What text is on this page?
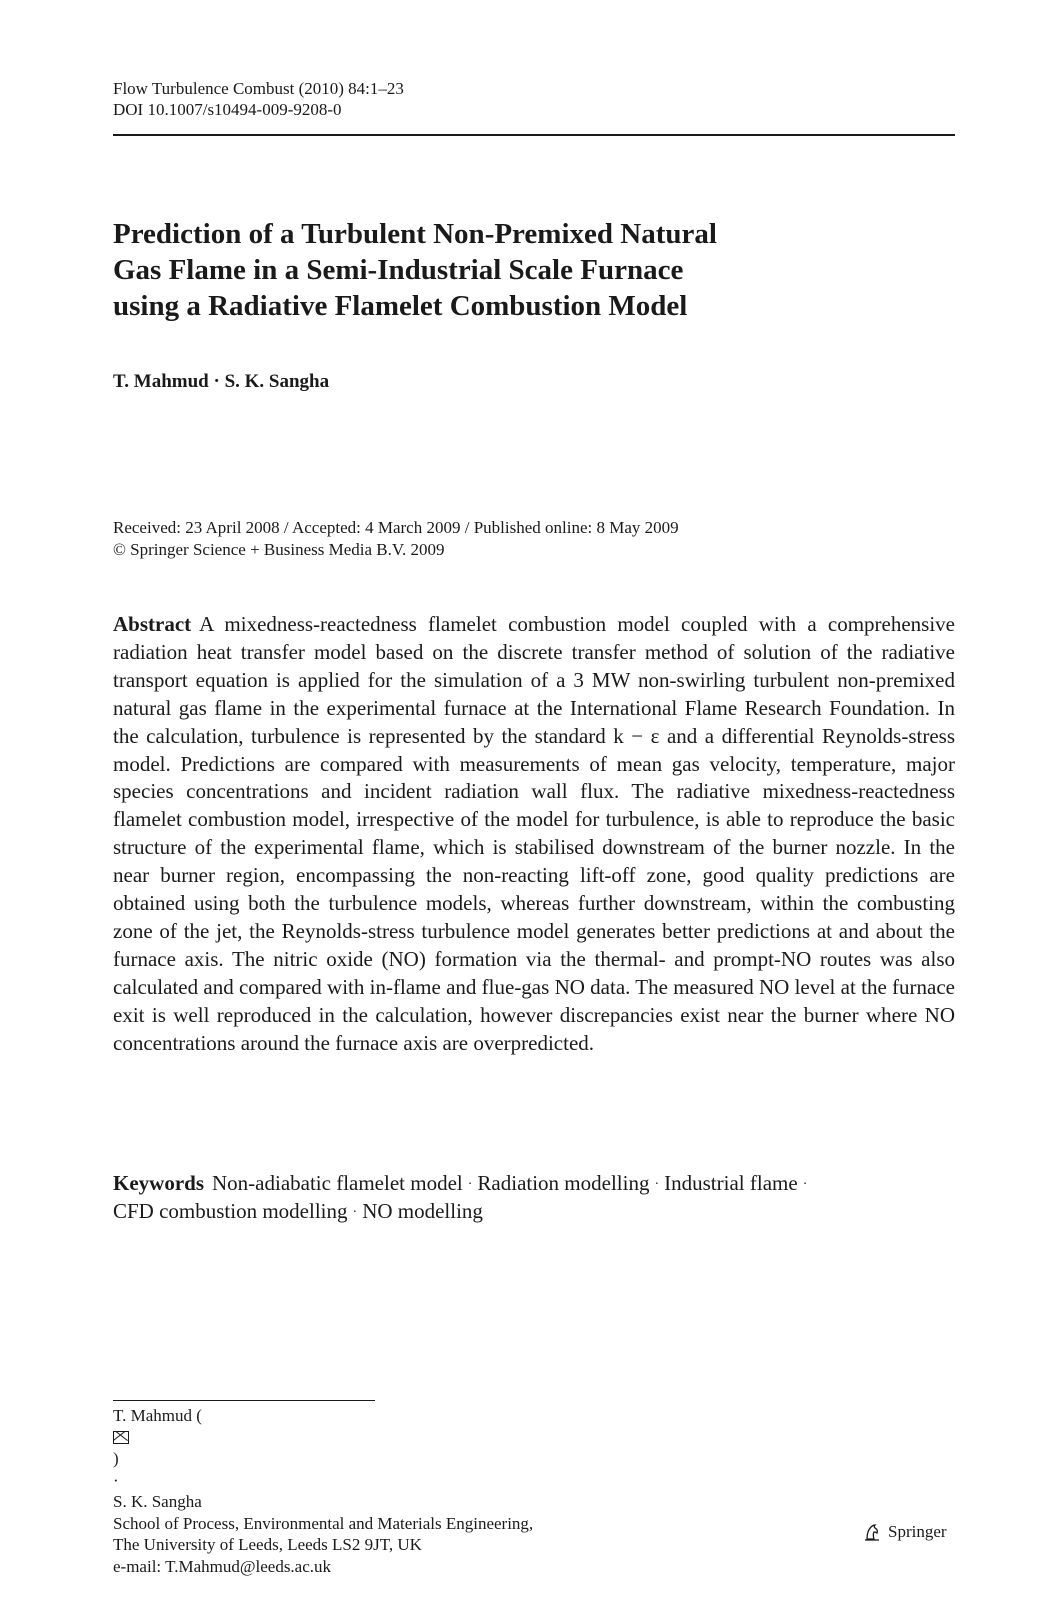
Flow Turbulence Combust (2010) 84:1–23
DOI 10.1007/s10494-009-9208-0
Prediction of a Turbulent Non-Premixed Natural
Gas Flame in a Semi-Industrial Scale Furnace
using a Radiative Flamelet Combustion Model
T. Mahmud · S. K. Sangha
Received: 23 April 2008 / Accepted: 4 March 2009 / Published online: 8 May 2009
© Springer Science + Business Media B.V. 2009

Abstract A mixedness-reactedness flamelet combustion model coupled with a comprehensive radiation heat transfer model based on the discrete transfer method of solution of the radiative transport equation is applied for the simulation of a 3 MW non-swirling turbulent non-premixed natural gas flame in the experimental furnace at the International Flame Research Foundation. In the calculation, turbulence is represented by the standard k − ε and a differential Reynolds-stress model. Predictions are compared with measurements of mean gas velocity, temperature, major species concentrations and incident radiation wall flux. The radiative mixedness-reactedness flamelet combustion model, irrespective of the model for turbulence, is able to reproduce the basic structure of the experimental flame, which is stabilised downstream of the burner nozzle. In the near burner region, encompassing the non-reacting lift-off zone, good quality predictions are obtained using both the turbulence models, whereas further downstream, within the combusting zone of the jet, the Reynolds-stress turbulence model generates better predictions at and about the furnace axis. The nitric oxide (NO) formation via the thermal- and prompt-NO routes was also calculated and compared with in-flame and flue-gas NO data. The measured NO level at the furnace exit is well reproduced in the calculation, however discrepancies exist near the burner where NO concentrations around the furnace axis are overpredicted.

Keywords Non-adiabatic flamelet model · Radiation modelling · Industrial flame ·
CFD combustion modelling · NO modelling

T. Mahmud (
)
·
S. K. Sangha
School of Process, Environmental and Materials Engineering,
The University of Leeds, Leeds LS2 9JT, UK
e-mail: T.Mahmud@leeds.ac.uk
Springer
